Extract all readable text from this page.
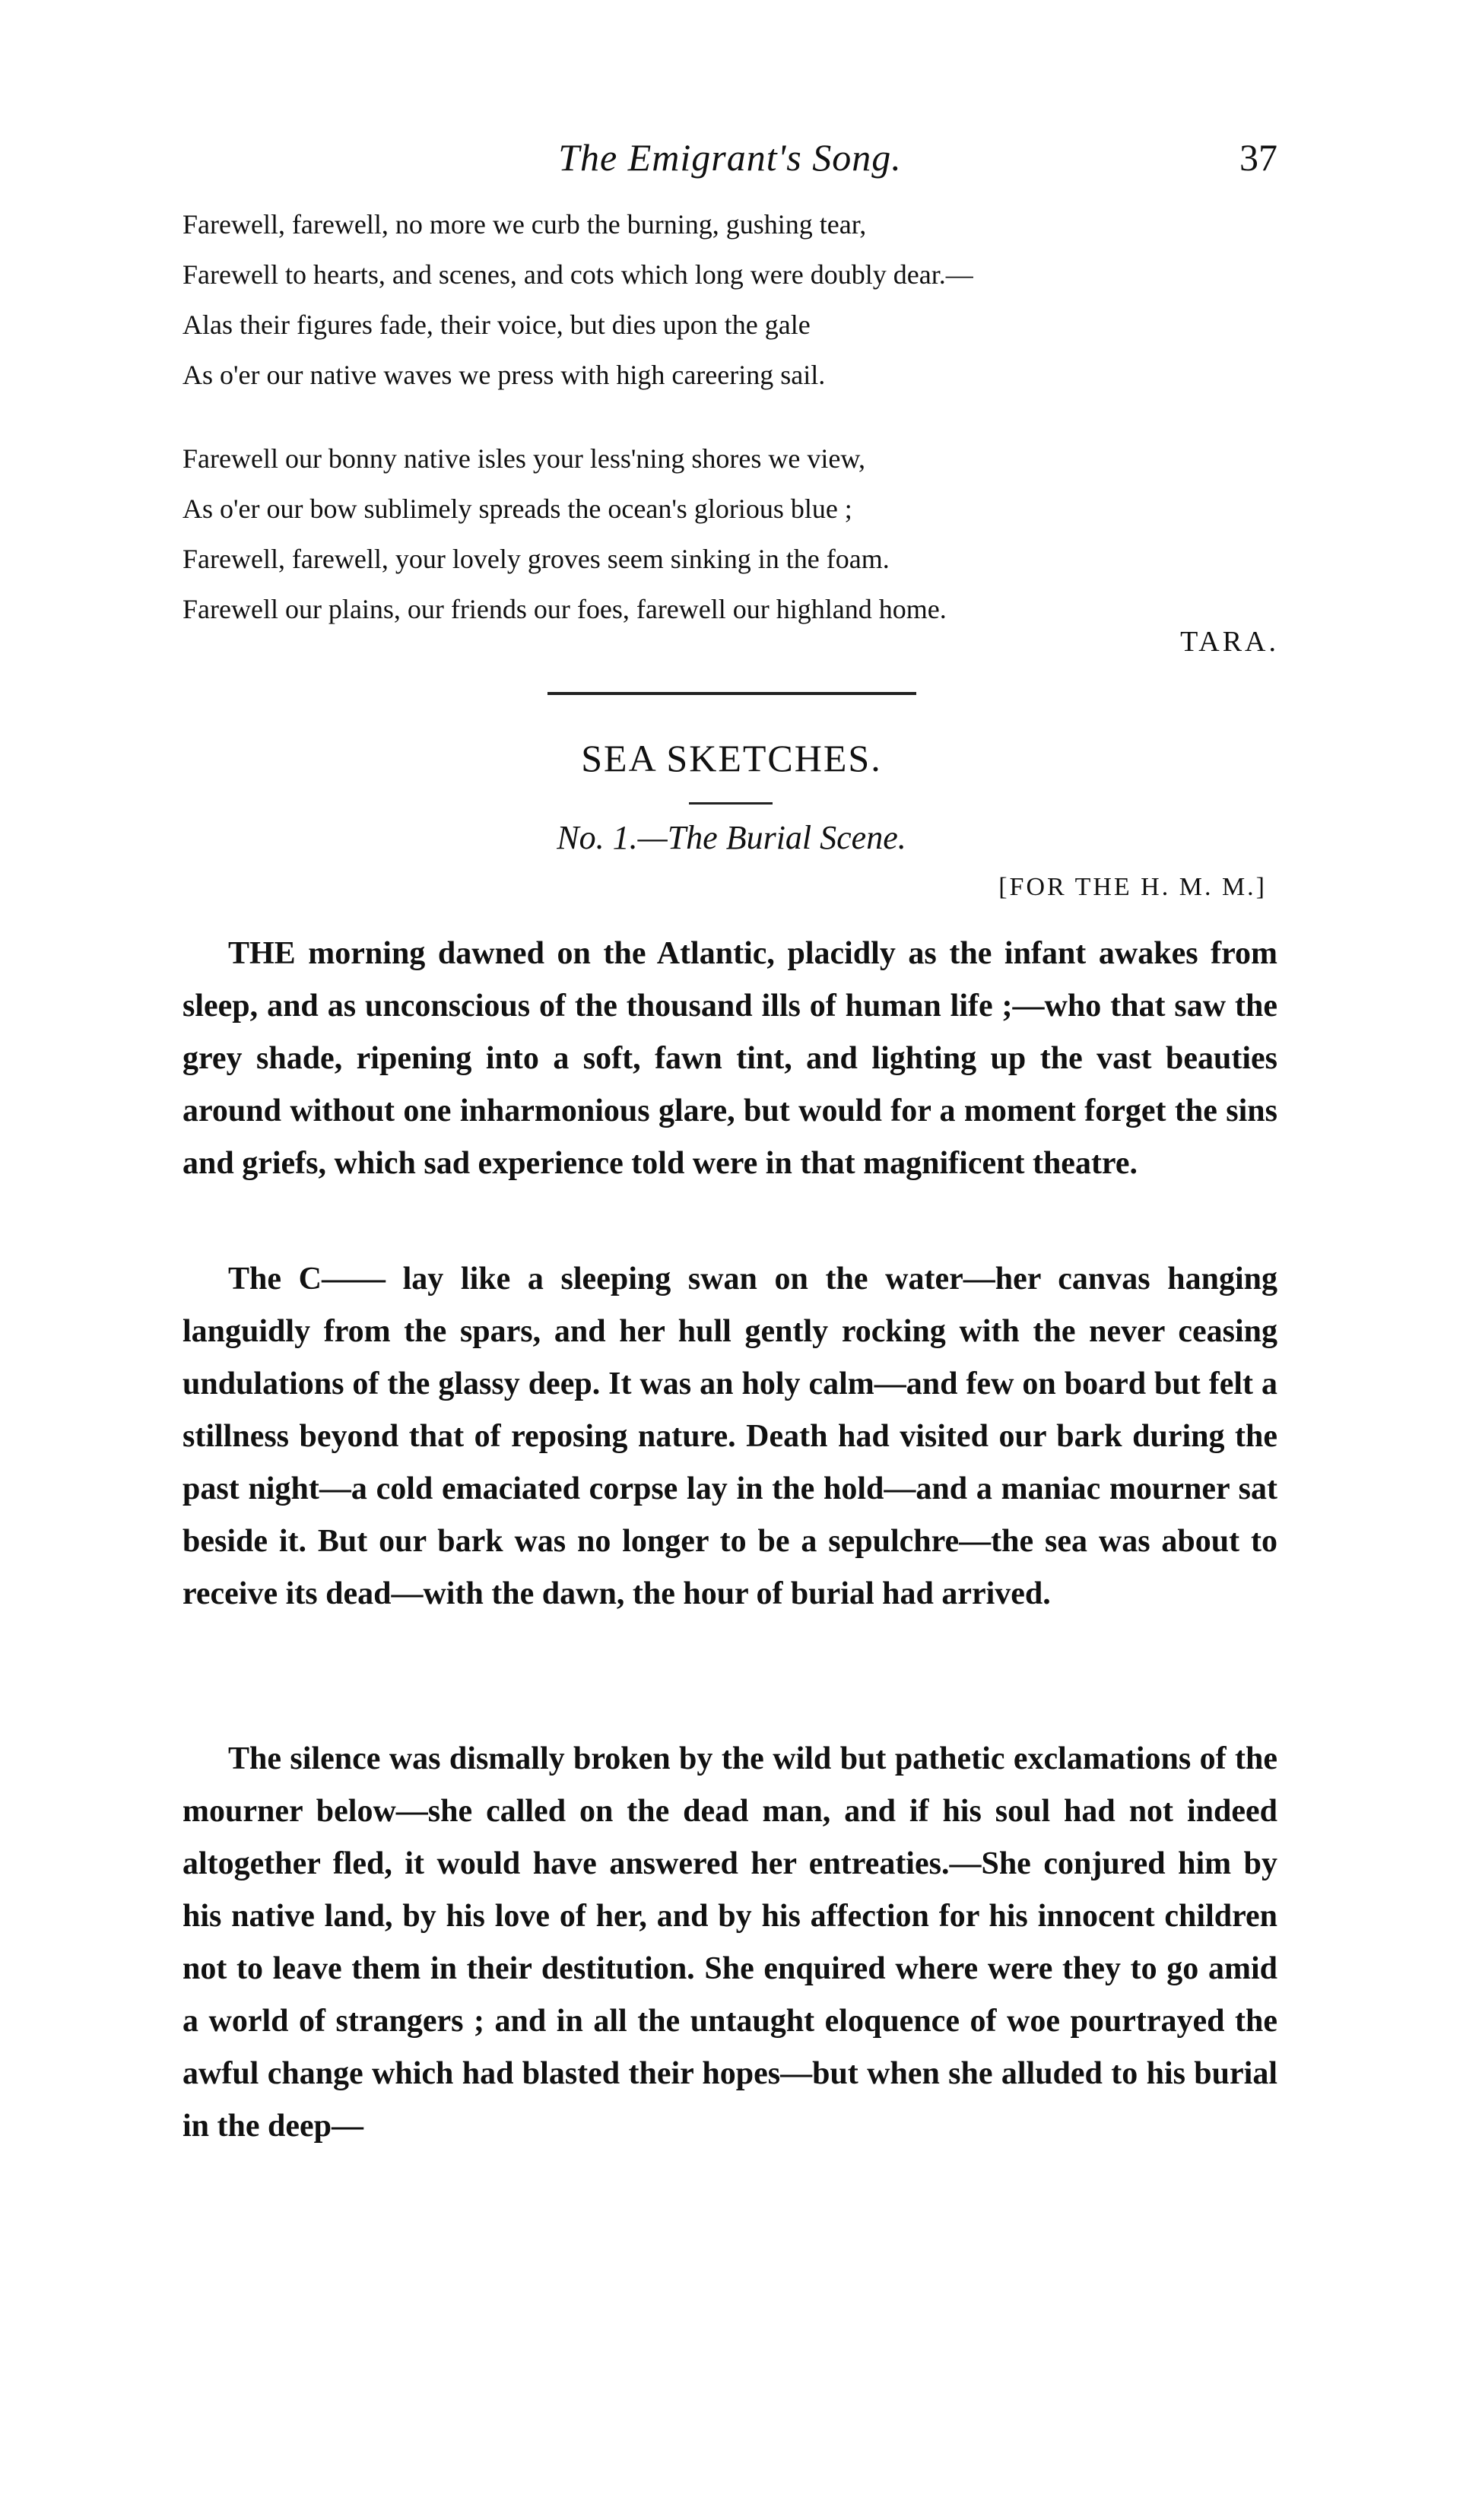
The Emigrant's Song.	37
Farewell, farewell, no more we curb the burning, gushing tear,
Farewell to hearts, and scenes, and cots which long were doubly dear.—
Alas their figures fade, their voice, but dies upon the gale
As o'er our native waves we press with high careering sail.
Farewell our bonny native isles your less'ning shores we view,
As o'er our bow sublimely spreads the ocean's glorious blue ;
Farewell, farewell, your lovely groves seem sinking in the foam.
Farewell our plains, our friends our foes, farewell our highland home.
TARA.
SEA SKETCHES.
No. 1.—The Burial Scene.
[FOR THE H. M. M.]

THE morning dawned on the Atlantic, placidly as the infant awakes from sleep, and as unconscious of the thousand ills of human life ;—who that saw the grey shade, ripening into a soft, fawn tint, and lighting up the vast beauties around without one inharmonious glare, but would for a moment forget the sins and griefs, which sad experience told were in that magnificent theatre.

The C—— lay like a sleeping swan on the water—her canvas hanging languidly from the spars, and her hull gently rocking with the never ceasing undulations of the glassy deep. It was an holy calm—and few on board but felt a stillness beyond that of reposing nature. Death had visited our bark during the past night—a cold emaciated corpse lay in the hold—and a maniac mourner sat beside it. But our bark was no longer to be a sepulchre—the sea was about to receive its dead—with the dawn, the hour of burial had arrived.

The silence was dismally broken by the wild but pathetic exclamations of the mourner below—she called on the dead man, and if his soul had not indeed altogether fled, it would have answered her entreaties.—She conjured him by his native land, by his love of her, and by his affection for his innocent children not to leave them in their destitution. She enquired where were they to go amid a world of strangers ; and in all the untaught eloquence of woe pourtrayed the awful change which had blasted their hopes—but when she alluded to his burial in the deep—
